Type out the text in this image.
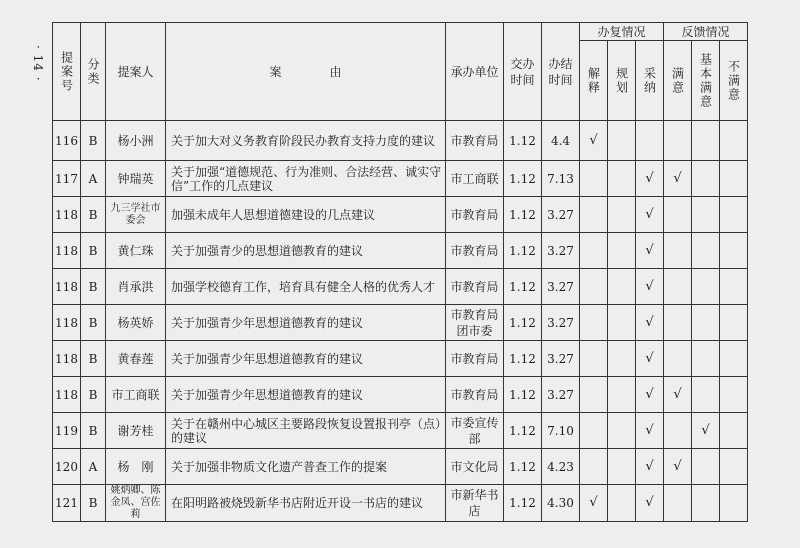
· 14 · 提案号	分类	提案人	案　　　　由	承办单位	交办时间	办结时间	办复情况			反馈情况		

							解释	规划	采纳	满意	基本满意	不满意

116	B	杨小洲	关于加大对义务教育阶段民办教育支持力度的建议	市教育局	1.12	4.4	√					
117	A	钟瑞英	关于加强“道德规范、行为准则、合法经营、诚实守信”工作的几点建议	市工商联	1.12	7.13			√	√		
118	B	九三学社市委会	加强未成年人思想道德建设的几点建议	市教育局	1.12	3.27			√			
118	B	黄仁珠	关于加强青少的思想道德教育的建议	市教育局	1.12	3.27			√			
118	B	肖承洪	加强学校德育工作，培育具有健全人格的优秀人才	市教育局	1.12	3.27			√			
118	B	杨英娇	关于加强青少年思想道德教育的建议	市教育局
团市委	1.12	3.27			√			
118	B	黄春莲	关于加强青少年思想道德教育的建议	市教育局	1.12	3.27			√			
118	B	市工商联	关于加强青少年思想道德教育的建议	市教育局	1.12	3.27			√	√		
119	B	谢芳桂	关于在赣州中心城区主要路段恢复设置报刊亭（点）的建议	市委宣传部	1.12	7.10			√		√	
120	A	杨　刚	关于加强非物质文化遗产普查工作的提案	市文化局	1.12	4.23			√	√		
121	B	姚炳卿、陈金凤、宫佐莉	在阳明路被烧毁新华书店附近开设一书店的建议	市新华书店	1.12	4.30	√		√			
